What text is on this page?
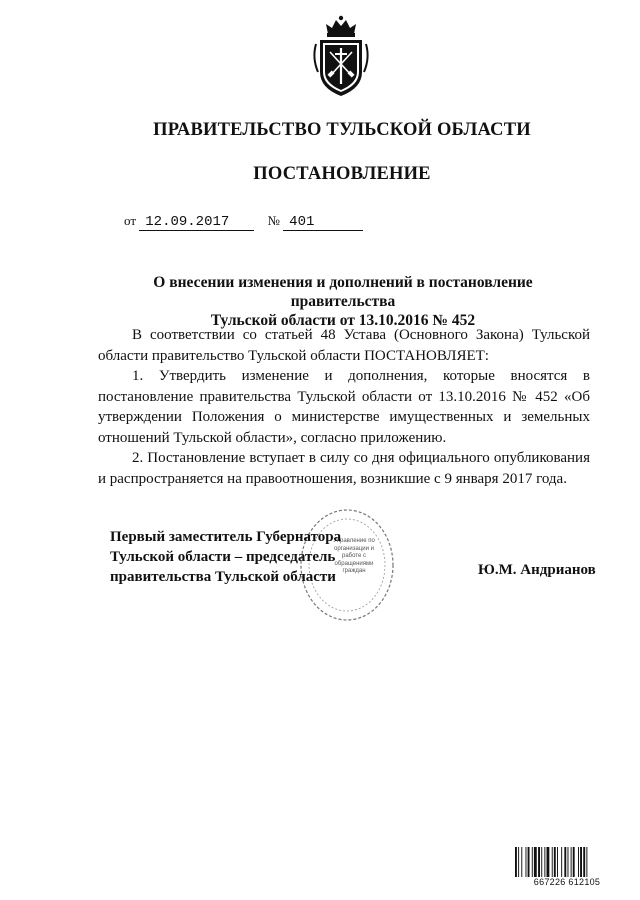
ПРАВИТЕЛЬСТВО ТУЛЬСКОЙ ОБЛАСТИ
ПОСТАНОВЛЕНИЕ
от 12.09.2017	№ 401
О внесении изменения и дополнений в постановление правительства
Тульской области от 13.10.2016 № 452

В соответствии со статьей 48 Устава (Основного Закона) Тульской области правительство Тульской области ПОСТАНОВЛЯЕТ:

1. Утвердить изменение и дополнения, которые вносятся в постановление правительства Тульской области от 13.10.2016 № 452 «Об утверждении Положения о министерстве имущественных и земельных отношений Тульской области», согласно приложению.

2. Постановление вступает в силу со дня официального опубликования и распространяется на правоотношения, возникшие с 9 января 2017 года.

Управление по организации и работе с обращениями граждан
Первый заместитель Губернатора
Тульской области – председатель
правительства Тульской области	Ю.М. Андрианов
667226 612105
